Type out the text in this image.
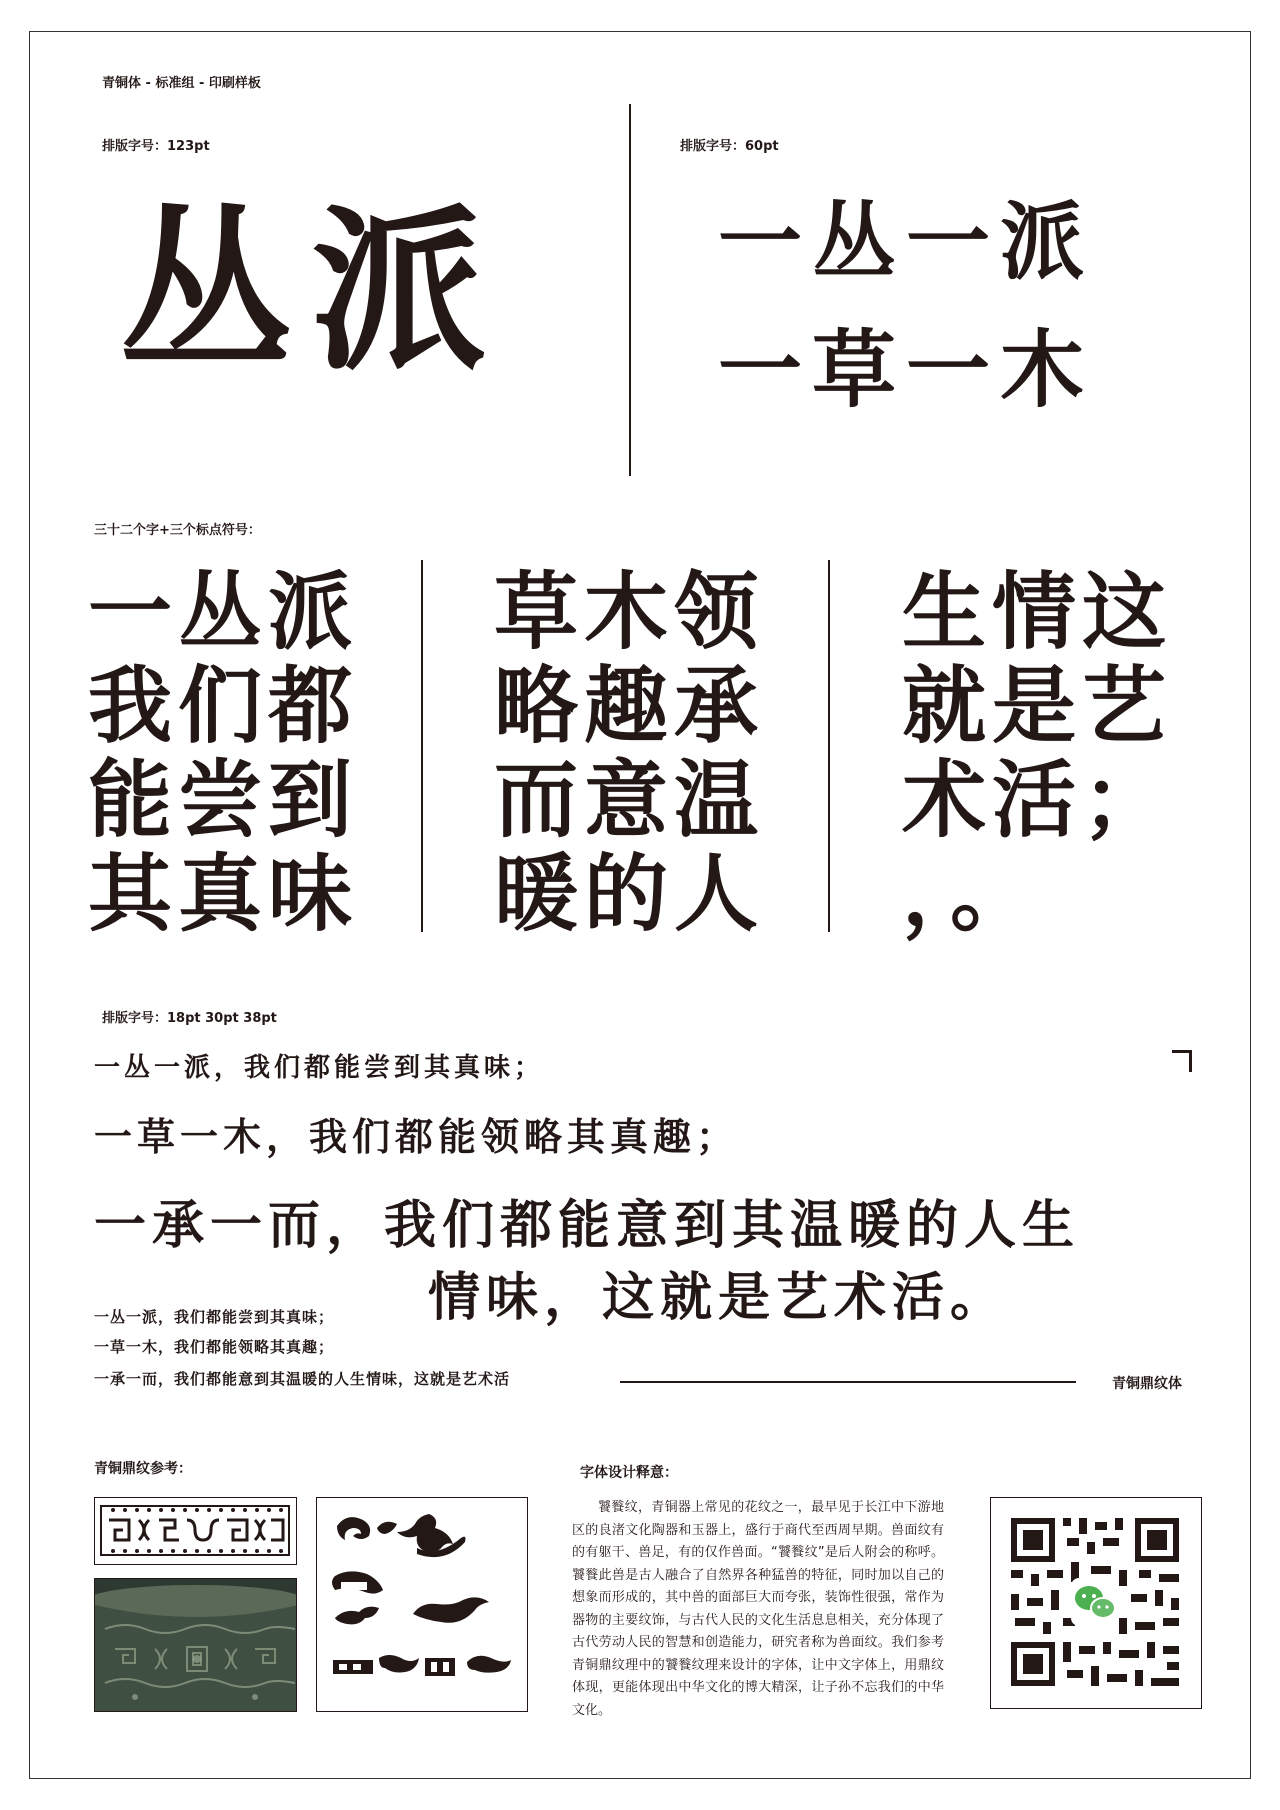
青铜体 - 标准组 - 印刷样板
排版字号：123pt	排版字号：60pt
丛派	一丛一派
一草一木
三十二个字+三个标点符号：
一丛派
我们都
能尝到
其真味
草木领
略趣承
而意温
暖的人
生情这
就是艺
术活；
，。
排版字号：18pt 30pt 38pt
一丛一派，我们都能尝到其真味；
一草一木，我们都能领略其真趣；
一承一而，我们都能意到其温暖的人生
情味，这就是艺术活。
一丛一派，我们都能尝到其真味；
一草一木，我们都能领略其真趣；
一承一而，我们都能意到其温暖的人生情味，这就是艺术活	青铜鼎纹体
青铜鼎纹参考：	字体设计释意：
饕餮纹，青铜器上常见的花纹之一，最早见于长江中下游地区的良渚文化陶器和玉器上，盛行于商代至西周早期。兽面纹有的有躯干、兽足，有的仅作兽面。“饕餮纹”是后人附会的称呼。饕餮此兽是古人融合了自然界各种猛兽的特征，同时加以自己的想象而形成的，其中兽的面部巨大而夸张，装饰性很强，常作为器物的主要纹饰，与古代人民的文化生活息息相关，充分体现了古代劳动人民的智慧和创造能力，研究者称为兽面纹。我们参考青铜鼎纹理中的饕餮纹理来设计的字体，让中文字体上，用鼎纹体现，更能体现出中华文化的博大精深，让子孙不忘我们的中华文化。
